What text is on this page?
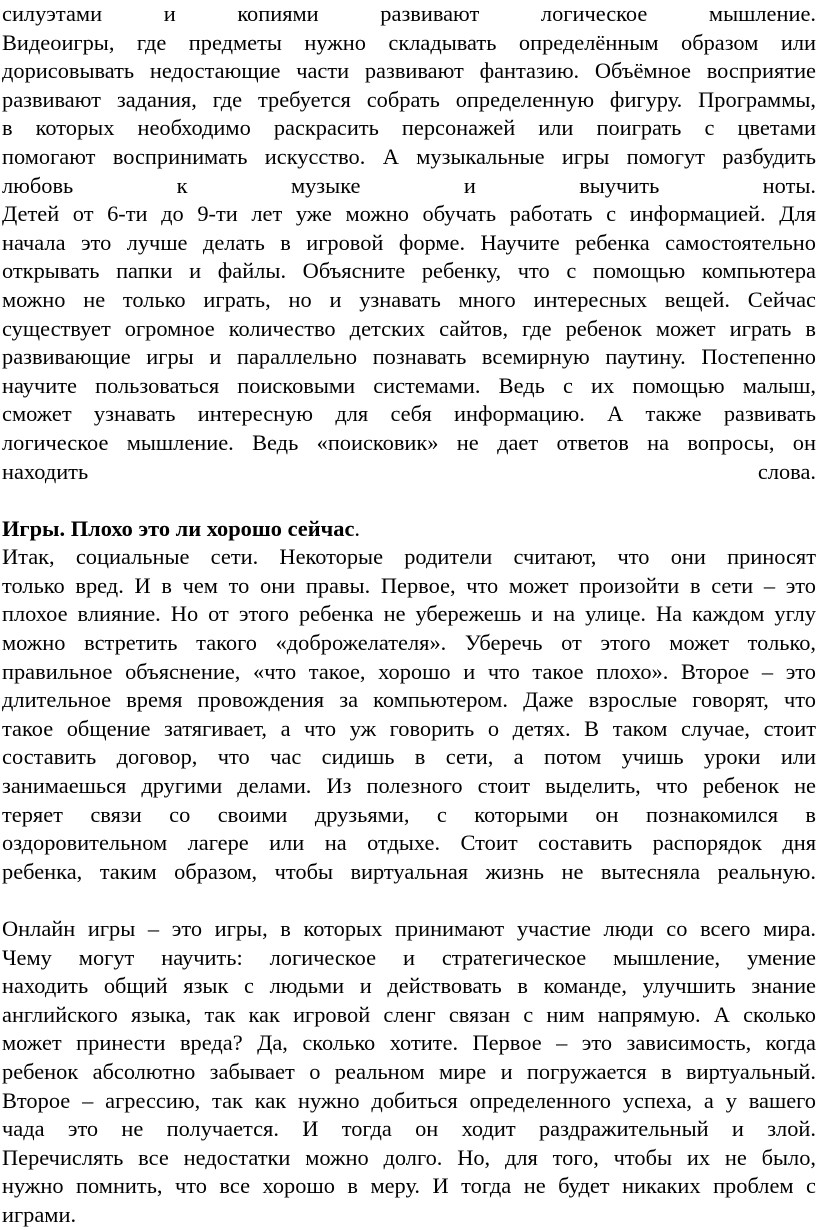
силуэтами и копиями развивают логическое мышление.
Видеоигры, где предметы нужно складывать определённым образом или
дорисовывать недостающие части развивают фантазию. Объёмное восприятие
развивают задания, где требуется собрать определенную фигуру. Программы,
в которых необходимо раскрасить персонажей или поиграть с цветами
помогают воспринимать искусство. А музыкальные игры помогут разбудить
любовь к музыке и выучить ноты.
Детей от 6-ти до 9-ти лет уже можно обучать работать с информацией. Для
начала это лучше делать в игровой форме. Научите ребенка самостоятельно
открывать папки и файлы. Объясните ребенку, что с помощью компьютера
можно не только играть, но и узнавать много интересных вещей. Сейчас
существует огромное количество детских сайтов, где ребенок может играть в
развивающие игры и параллельно познавать всемирную паутину. Постепенно
научите пользоваться поисковыми системами. Ведь с их помощью малыш,
сможет узнавать интересную для себя информацию. А также развивать
логическое мышление. Ведь «поисковик» не дает ответов на вопросы, он
находить слова.
Игры. Плохо это ли хорошо сейчас.
Итак, социальные сети. Некоторые родители считают, что они приносят
только вред. И в чем то они правы. Первое, что может произойти в сети – это
плохое влияние. Но от этого ребенка не убережешь и на улице. На каждом углу
можно встретить такого «доброжелателя». Уберечь от этого может только,
правильное объяснение, «что такое, хорошо и что такое плохо». Второе – это
длительное время провождения за компьютером. Даже взрослые говорят, что
такое общение затягивает, а что уж говорить о детях. В таком случае, стоит
составить договор, что час сидишь в сети, а потом учишь уроки или
занимаешься другими делами. Из полезного стоит выделить, что ребенок не
теряет связи со своими друзьями, с которыми он познакомился в
оздоровительном лагере или на отдыхе. Стоит составить распорядок дня
ребенка, таким образом, чтобы виртуальная жизнь не вытесняла реальную.
Онлайн игры – это игры, в которых принимают участие люди со всего мира.
Чему могут научить: логическое и стратегическое мышление, умение
находить общий язык с людьми и действовать в команде, улучшить знание
английского языка, так как игровой сленг связан с ним напрямую. А сколько
может принести вреда? Да, сколько хотите. Первое – это зависимость, когда
ребенок абсолютно забывает о реальном мире и погружается в виртуальный.
Второе – агрессию, так как нужно добиться определенного успеха, а у вашего
чада это не получается. И тогда он ходит раздражительный и злой.
Перечислять все недостатки можно долго. Но, для того, чтобы их не было,
нужно помнить, что все хорошо в меру. И тогда не будет никаких проблем с
играми.
